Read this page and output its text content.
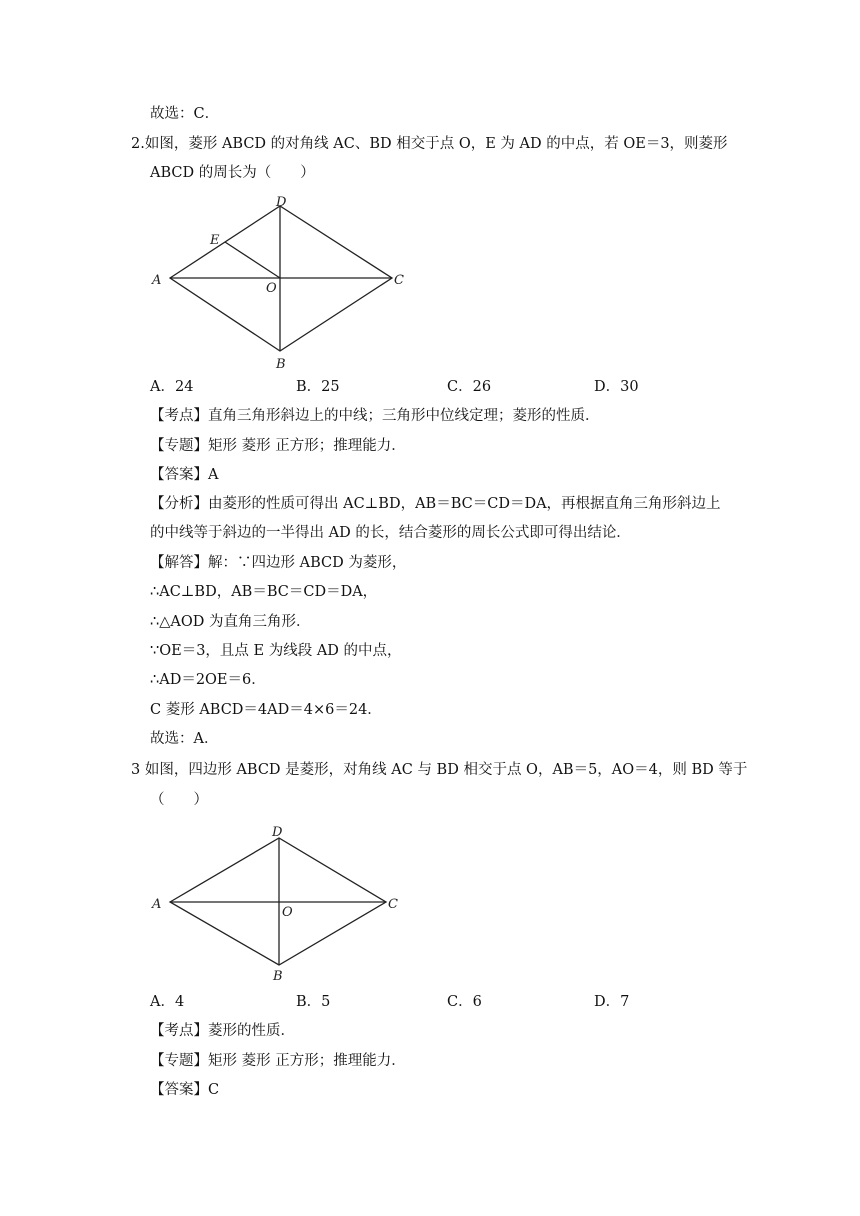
故选：C．
2.如图，菱形 ABCD 的对角线 AC、BD 相交于点 O，E 为 AD 的中点，若 OE＝3，则菱形
ABCD 的周长为（　　）
A
B
C
D
E
O
A．24	B．25	C．26	D．30
【考点】直角三角形斜边上的中线；三角形中位线定理；菱形的性质．
【专题】矩形 菱形 正方形；推理能力．
【答案】A
【分析】由菱形的性质可得出 AC⊥BD，AB＝BC＝CD＝DA，再根据直角三角形斜边上
的中线等于斜边的一半得出 AD 的长，结合菱形的周长公式即可得出结论．
【解答】解：∵四边形 ABCD 为菱形，
∴AC⊥BD，AB＝BC＝CD＝DA，
∴△AOD 为直角三角形．
∵OE＝3，且点 E 为线段 AD 的中点，
∴AD＝2OE＝6．
C 菱形 ABCD＝4AD＝4×6＝24．
故选：A．
3 如图，四边形 ABCD 是菱形，对角线 AC 与 BD 相交于点 O，AB＝5，AO＝4，则 BD 等于
（　　）
A
B
C
D
O
A．4	B．5	C．6	D．7
【考点】菱形的性质．
【专题】矩形 菱形 正方形；推理能力．
【答案】C
